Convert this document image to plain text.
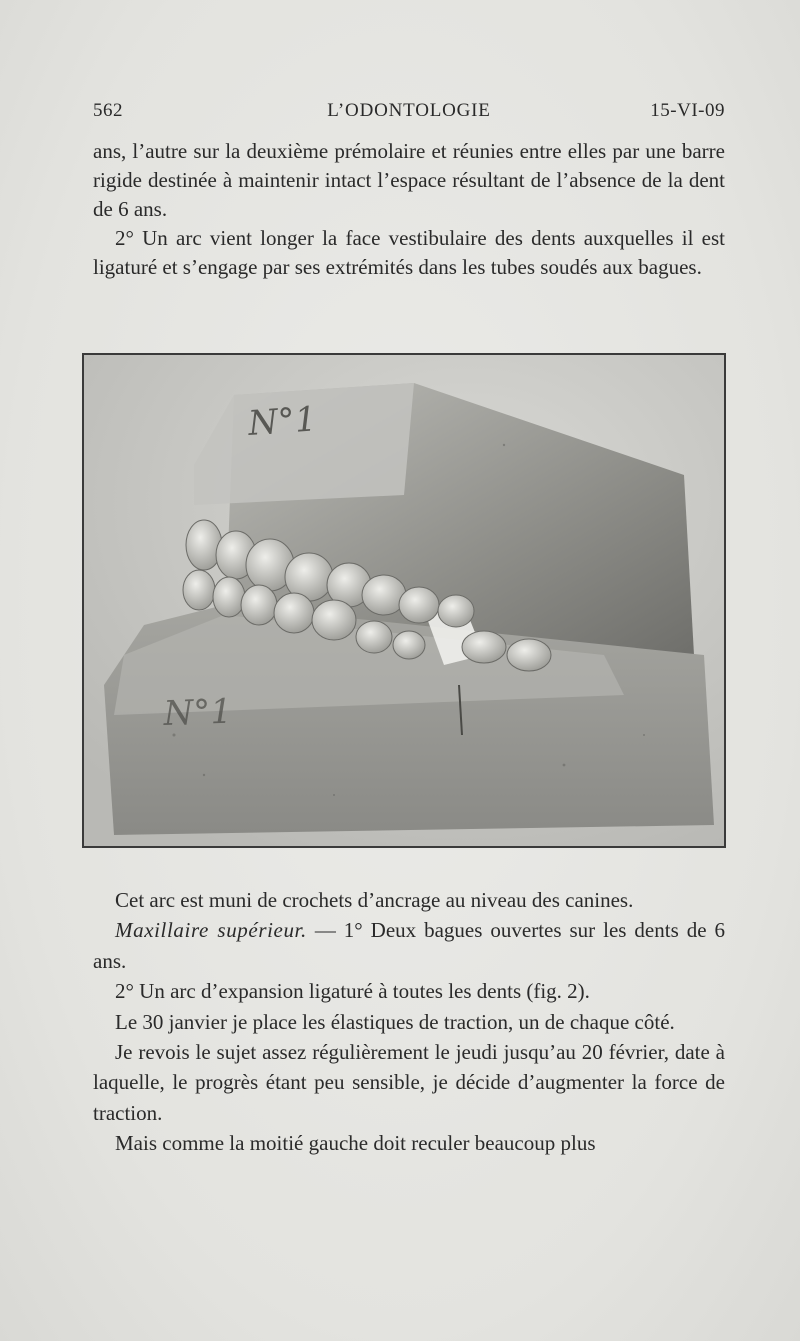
562	L’ODONTOLOGIE	15-VI-09

ans, l’autre sur la deuxième prémolaire et réunies entre elles par une barre rigide destinée à maintenir intact l’espace résultant de l’absence de la dent de 6 ans.

2° Un arc vient longer la face vestibulaire des dents auxquelles il est ligaturé et s’engage par ses extrémités dans les tubes soudés aux bagues.

N°1
N°1

Cet arc est muni de crochets d’ancrage au niveau des canines.

Maxillaire supérieur. — 1° Deux bagues ouvertes sur les dents de 6 ans.

2° Un arc d’expansion ligaturé à toutes les dents (fig. 2).

Le 30 janvier je place les élastiques de traction, un de chaque côté.

Je revois le sujet assez régulièrement le jeudi jusqu’au 20 février, date à laquelle, le progrès étant peu sensible, je décide d’augmenter la force de traction.

Mais comme la moitié gauche doit reculer beaucoup plus
